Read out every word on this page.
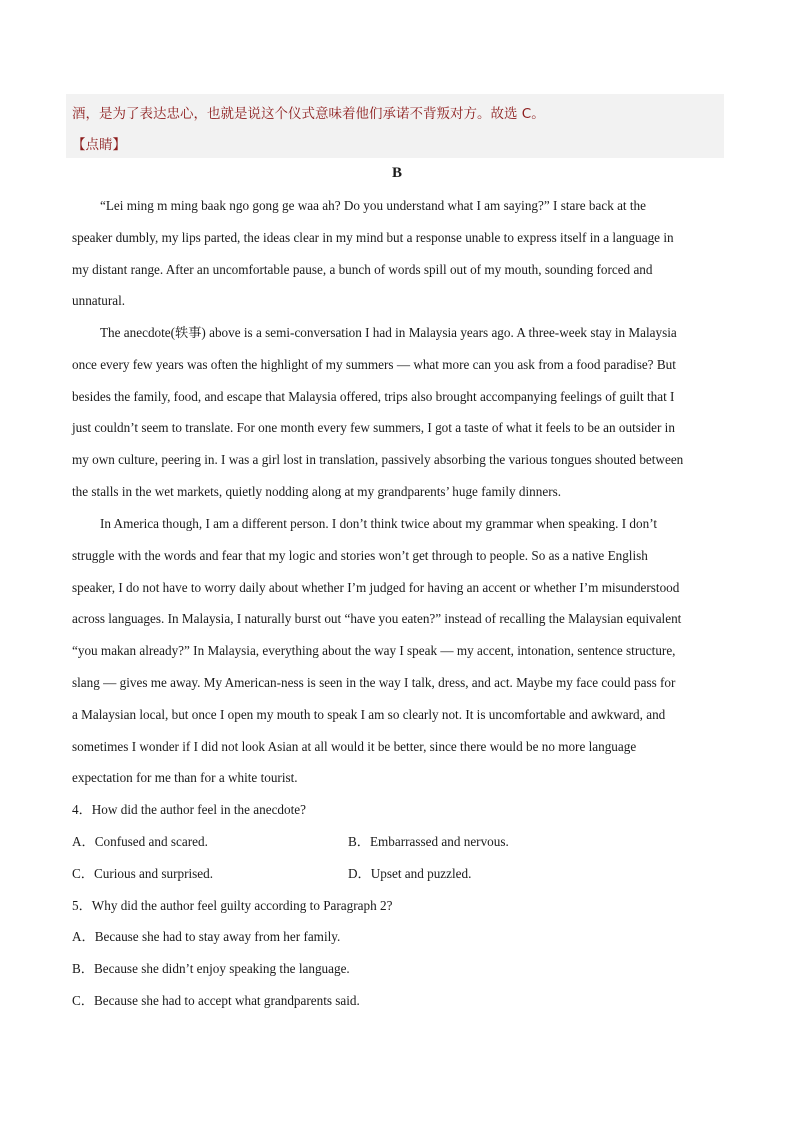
酒，是为了表达忠心，也就是说这个仪式意味着他们承诺不背叛对方。故选 C。
【点睛】
B
“Lei ming m ming baak ngo gong ge waa ah? Do you understand what I am saying?” I stare back at the
speaker dumbly, my lips parted, the ideas clear in my mind but a response unable to express itself in a language in
my distant range. After an uncomfortable pause, a bunch of words spill out of my mouth, sounding forced and
unnatural.
The anecdote(轶事) above is a semi-conversation I had in Malaysia years ago. A three-week stay in Malaysia
once every few years was often the highlight of my summers — what more can you ask from a food paradise? But
besides the family, food, and escape that Malaysia offered, trips also brought accompanying feelings of guilt that I
just couldn’t seem to translate. For one month every few summers, I got a taste of what it feels to be an outsider in
my own culture, peering in. I was a girl lost in translation, passively absorbing the various tongues shouted between
the stalls in the wet markets, quietly nodding along at my grandparents’ huge family dinners.
In America though, I am a different person. I don’t think twice about my grammar when speaking. I don’t
struggle with the words and fear that my logic and stories won’t get through to people. So as a native English
speaker, I do not have to worry daily about whether I’m judged for having an accent or whether I’m misunderstood
across languages. In Malaysia, I naturally burst out “have you eaten?” instead of recalling the Malaysian equivalent
“you makan already?” In Malaysia, everything about the way I speak — my accent, intonation, sentence structure,
slang — gives me away. My American-ness is seen in the way I talk, dress, and act. Maybe my face could pass for
a Malaysian local, but once I open my mouth to speak I am so clearly not. It is uncomfortable and awkward, and
sometimes I wonder if I did not look Asian at all would it be better, since there would be no more language
expectation for me than for a white tourist.
4．How did the author feel in the anecdote?
A．Confused and scared.	B．Embarrassed and nervous.
C．Curious and surprised.	D．Upset and puzzled.
5．Why did the author feel guilty according to Paragraph 2?
A．Because she had to stay away from her family.
B．Because she didn’t enjoy speaking the language.
C．Because she had to accept what grandparents said.
